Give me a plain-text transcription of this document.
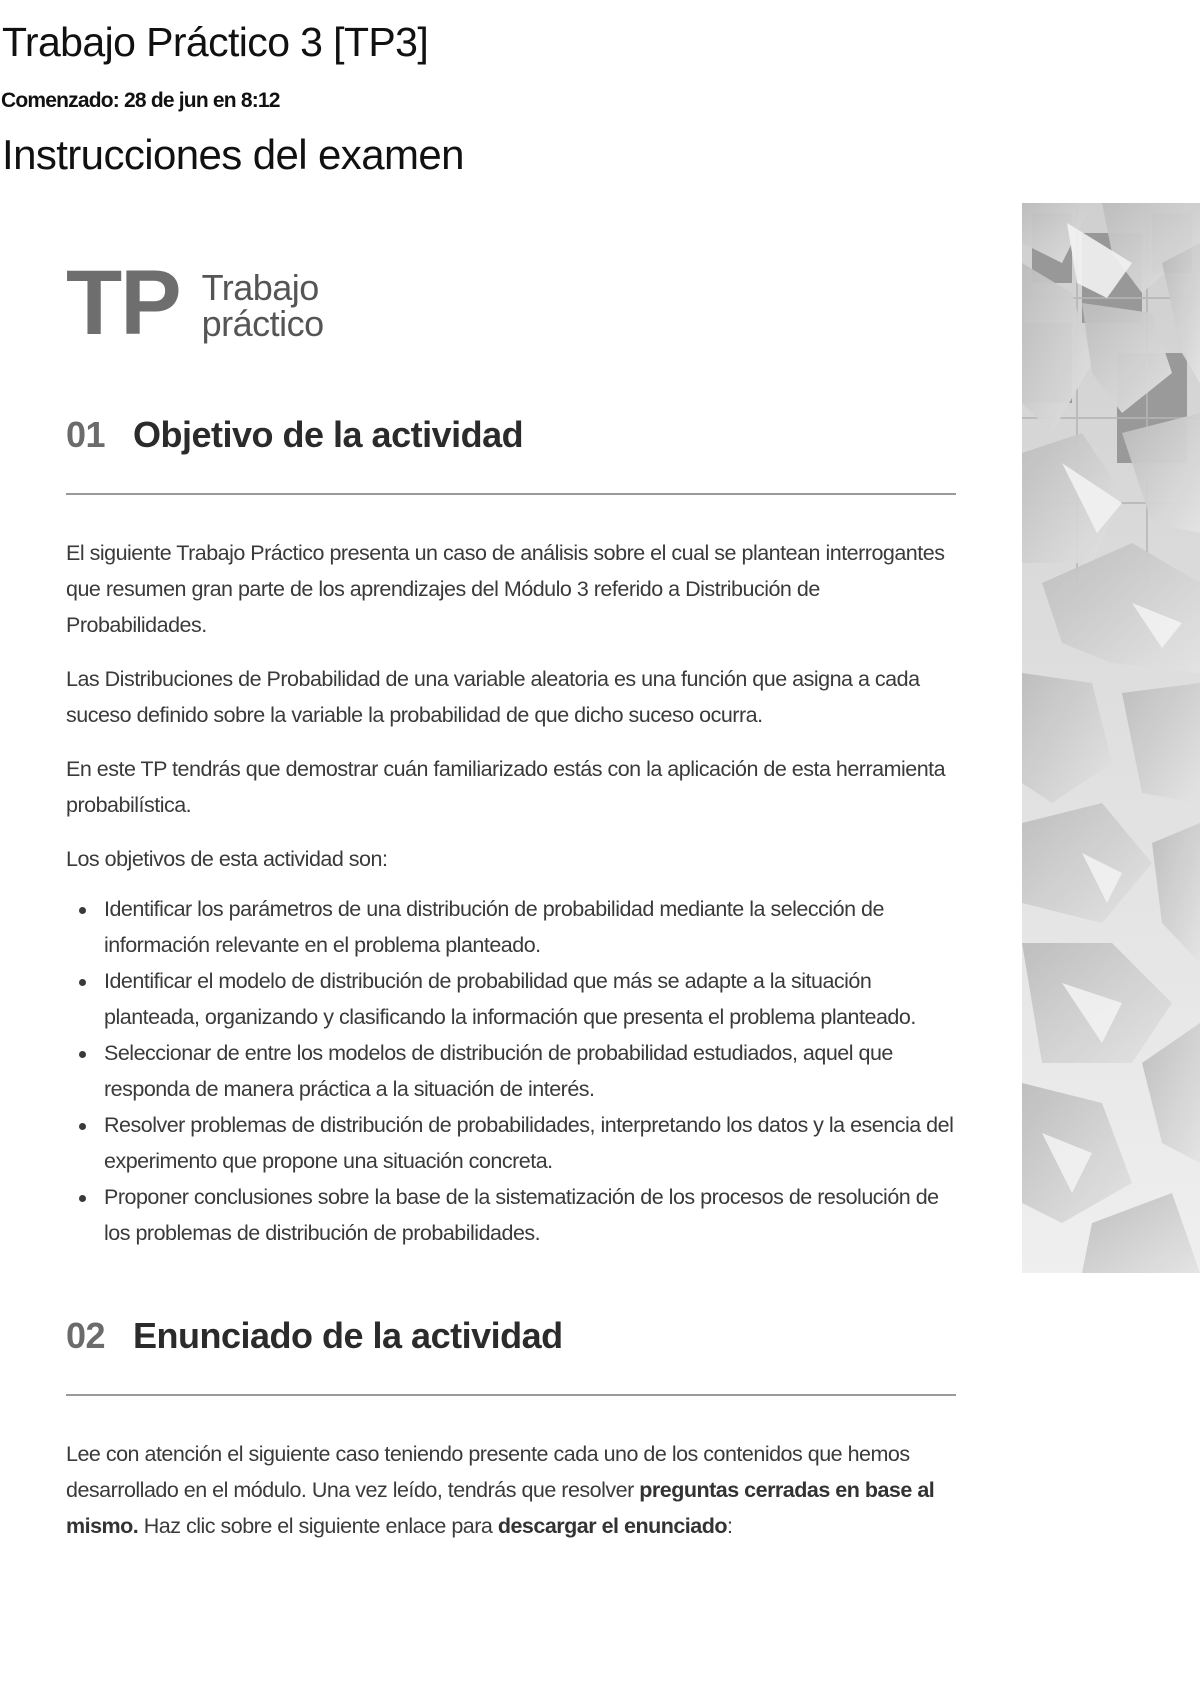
Trabajo Práctico 3 [TP3]
Comenzado: 28 de jun en 8:12
Instrucciones del examen
TP Trabajo
práctico
01 Objetivo de la actividad

El siguiente Trabajo Práctico presenta un caso de análisis sobre el cual se plantean interrogantes que resumen gran parte de los aprendizajes del Módulo 3 referido a Distribución de Probabilidades.

Las Distribuciones de Probabilidad de una variable aleatoria es una función que asigna a cada suceso definido sobre la variable la probabilidad de que dicho suceso ocurra.

En este TP tendrás que demostrar cuán familiarizado estás con la aplicación de esta herramienta probabilística.

Los objetivos de esta actividad son:

Identificar los parámetros de una distribución de probabilidad mediante la selección de información relevante en el problema planteado.
Identificar el modelo de distribución de probabilidad que más se adapte a la situación planteada, organizando y clasificando la información que presenta el problema planteado.
Seleccionar de entre los modelos de distribución de probabilidad estudiados, aquel que responda de manera práctica a la situación de interés.
Resolver problemas de distribución de probabilidades, interpretando los datos y la esencia del experimento que propone una situación concreta.
Proponer conclusiones sobre la base de la sistematización de los procesos de resolución de los problemas de distribución de probabilidades.
02 Enunciado de la actividad

Lee con atención el siguiente caso teniendo presente cada uno de los contenidos que hemos desarrollado en el módulo. Una vez leído, tendrás que resolver preguntas cerradas en base al mismo. Haz clic sobre el siguiente enlace para descargar el enunciado:
